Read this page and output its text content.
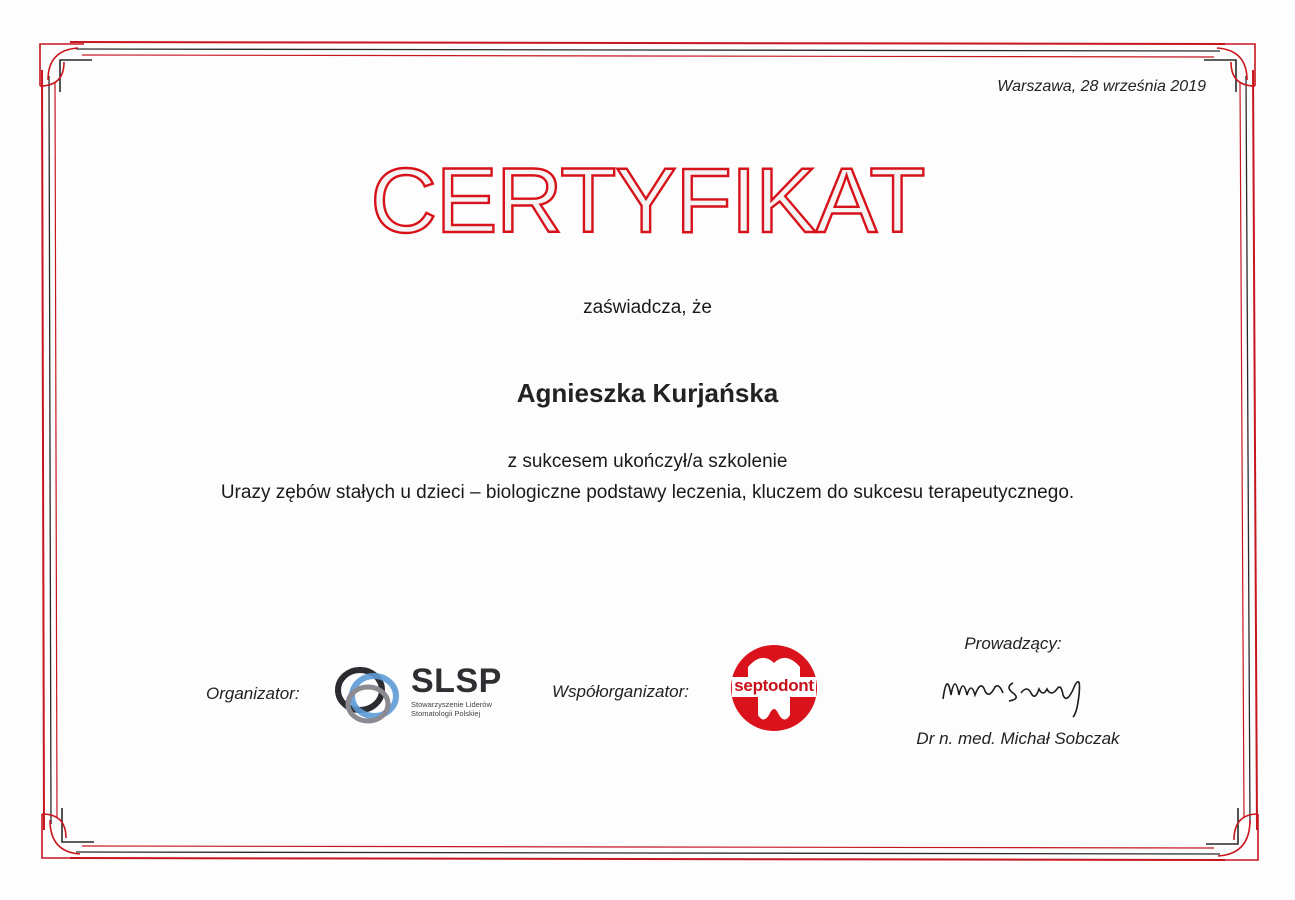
Warszawa, 28 września 2019
CERTYFIKAT
zaświadcza, że
Agnieszka Kurjańska
z sukcesem ukończył/a szkolenie
Urazy zębów stałych u dzieci – biologiczne podstawy leczenia, kluczem do sukcesu terapeutycznego.
Organizator:	SLSP
Stowarzyszenie Liderów
Stomatologii Polskiej
Współorganizator:	septodont
Prowadzący:
Dr n. med. Michał Sobczak
